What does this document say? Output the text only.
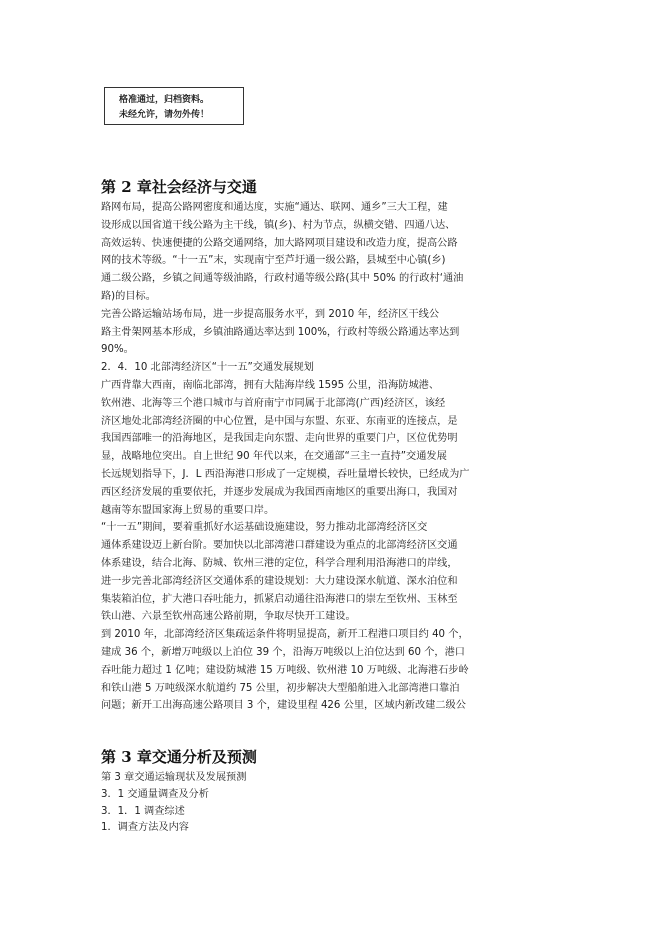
格准通过，归档资料。
未经允许，请勿外传！
第 2 章社会经济与交通
路网布局，提高公路网密度和通达度，实施“通达、联网、通乡”三大工程，建
设形成以国省道干线公路为主干线，镇(乡)、村为节点，纵横交错、四通八达、
高效运转、快速便捷的公路交通网络，加大路网项目建设和改造力度，提高公路
网的技术等级。“十一五”末，实现南宁至芦圩通一级公路，县城至中心镇(乡)
通二级公路，乡镇之间通等级油路，行政村通等级公路(其中 50% 的行政村‘通油
路)的目标。
完善公路运输站场布局，进一步提高服务水平，到 2010 年，经济区干线公
路主骨架网基本形成，乡镇油路通达率达到 100%，行政村等级公路通达率达到
90%。
2．4．10 北部湾经济区“十一五”交通发展规划
广西背靠大西南，南临北部湾，拥有大陆海岸线 1595 公里，沿海防城港、
钦州港、北海等三个港口城市与首府南宁市同属于北部湾(广西)经济区，该经
济区地处北部湾经济圈的中心位置，是中国与东盟、东亚、东南亚的连接点，是
我国西部唯一的沿海地区，是我国走向东盟、走向世界的重要门户，区位优势明
显，战略地位突出。自上世纪 90 年代以来，在交通部“三主一直持”交通发展
长远规划指导下，J．L 西沿海港口形成了一定规模，吞吐量增长较快，已经成为广
西区经济发展的重要依托，并逐步发展成为我国西南地区的重要出海口，我国对
越南等东盟国家海上贸易的重要口岸。
“十一五”期间，要着重抓好水运基础设施建设，努力推动北部湾经济区交
通体系建设迈上新台阶。要加快以北部湾港口群建设为重点的北部湾经济区交通
体系建设，结合北海、防城、钦州三港的定位，科学合理利用沿海港口的岸线，
进一步完善北部湾经济区交通体系的建设规划：大力建设深水航道、深水泊位和
集装箱泊位，扩大港口吞吐能力，抓紧启动通往沿海港口的崇左至钦州、玉林至
铁山港、六景至钦州高速公路前期，争取尽快开工建设。
到 2010 年，北部湾经济区集疏运条件将明显提高，新开工程港口项目约 40 个，
建成 36 个，新增万吨级以上泊位 39 个，沿海万吨级以上泊位达到 60 个，港口
吞吐能力超过 1 亿吨；建设防城港 15 万吨级、钦州港 10 万吨级、北海港石步岭
和铁山港 5 万吨级深水航道约 75 公里，初步解决大型船舶进入北部湾港口靠泊
问题；新开工出海高速公路项目 3 个，建设里程 426 公里，区域内新改建二级公
第 3 章交通分析及预测
第 3 章交通运输现状及发展预测
3．1 交通量调查及分析
3．1．1 调查综述
1．调查方法及内容
